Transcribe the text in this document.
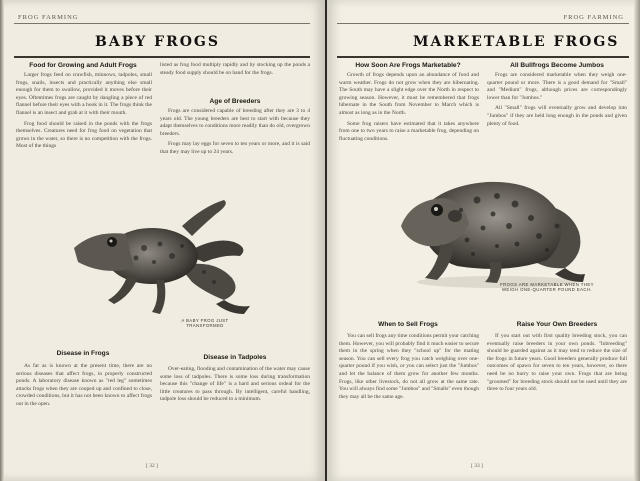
FROG FARMING
BABY FROGS
Food for Growing and Adult Frogs

Larger frogs feed on crawfish, minnows, tadpoles, small frogs, snails, insects and practically anything else small enough for them to swallow, provided it moves before their eyes. Oftentimes frogs are caught by dangling a piece of red flannel before their eyes with a hook in it. The frogs think the flannel is an insect and grab at it with their mouth.

Frog food should be raised in the ponds with the frogs themselves. Creatures need for frog food on vegetation that grows in the water, so there is no competition with the frogs. Most of the things

listed as frog food multiply rapidly and by stocking up the ponds a steady food supply should be on hand for the frogs.

Age of Breeders

Frogs are considered capable of breeding after they are 3 to 4 years old. The young breeders are best to start with because they adapt themselves to conditions more readily than do old, overgrown breeders.

Frogs may lay eggs for seven to ten years or more, and it is said that they may live up to 24 years.

A BABY FROG JUST TRANSFORMED
Disease in Frogs

As far as is known at the present time, there are no serious diseases that affect frogs, in properly constructed ponds. A laboratory disease known as "red leg" sometimes attacks frogs when they are cooped up and confined to close, crowded conditions, but it has not been known to affect frogs out in the open.

Disease in Tadpoles

Over-eating, flooding and contamination of the water may cause some loss of tadpoles. There is some loss during transformation because this "change of life" is a hard and serious ordeal for the little creatures to pass through. By intelligent, careful handling, tadpole loss should be reduced to a minimum.

[ 32 ]
FROG FARMING
MARKETABLE FROGS
How Soon Are Frogs Marketable?

Growth of frogs depends upon an abundance of food and warm weather. Frogs do not grow when they are hibernating. The South may have a slight edge over the North in respect to growing season. However, it must be remembered that frogs hibernate in the South from November to March which is almost as long as in the North.

Some frog raisers have estimated that it takes anywhere from one to two years to raise a marketable frog, depending on fluctuating conditions.

All Bullfrogs Become Jumbos

Frogs are considered marketable when they weigh one-quarter pound or more. There is a good demand for "Small" and "Medium" frogs, although prices are correspondingly lower than for "Jumbos."

All "Small" frogs will eventually grow and develop into "Jumbos" if they are held long enough in the ponds and given plenty of food.

FROGS ARE MARKETABLE WHEN THEY WEIGH ONE-QUARTER POUND EACH.
When to Sell Frogs

You can sell frogs any time conditions permit your catching them. However, you will probably find it much easier to secure them in the spring when they "school up" for the mating season. You can sell every frog you catch weighing over one-quarter pound if you wish, or you can select just the "Jumbos" and let the balance of them grow for another few months. Frogs, like other livestock, do not all grow at the same rate. You will always find some "Jumbos" and "Smalls" even though they may all be the same age.

Raise Your Own Breeders

If you start out with first quality breeding stock, you can eventually raise breeders in your own ponds. "Inbreeding" should be guarded against as it may tend to reduce the size of the frogs in future years. Good breeders generally produce full outcomes of spawn for seven to ten years, however, so there need be no hurry to raise your own. Frogs that are being "groomed" for breeding stock should not be used until they are three to four years old.

[ 33 ]
